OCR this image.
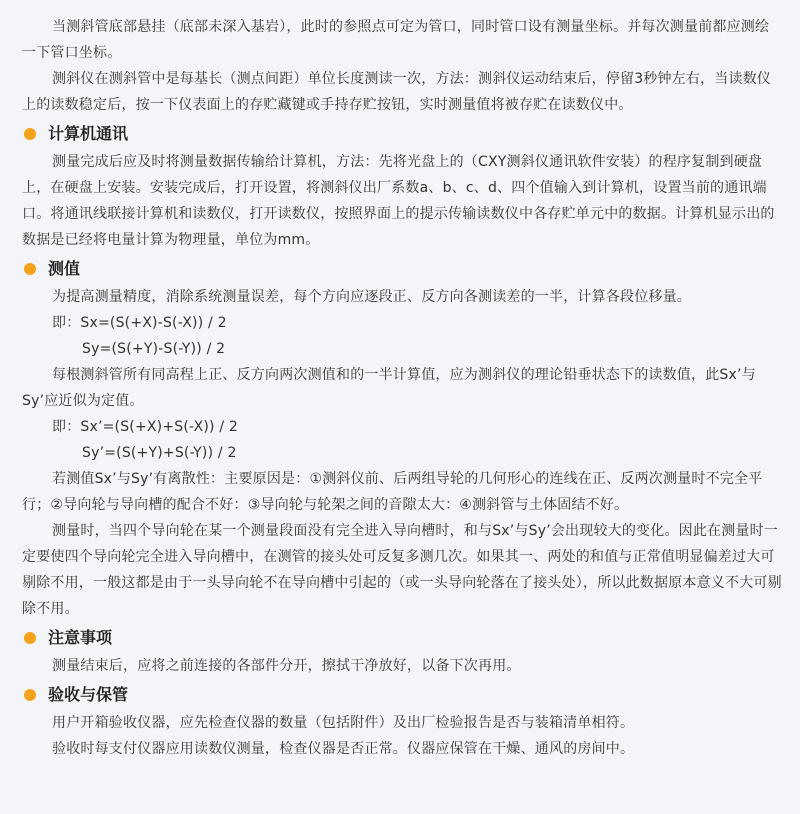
当测斜管底部悬挂（底部未深入基岩），此时的参照点可定为管口，同时管口设有测量坐标。并每次测量前都应测绘一下管口坐标。

测斜仪在测斜管中是每基长（测点间距）单位长度测读一次，方法：测斜仪运动结束后，停留3秒钟左右，当读数仪上的读数稳定后，按一下仪表面上的存贮藏键或手持存贮按钮，实时测量值将被存贮在读数仪中。

计算机通讯

测量完成后应及时将测量数据传输给计算机，方法：先将光盘上的（CXY测斜仪通讯软件安装）的程序复制到硬盘上，在硬盘上安装。安装完成后，打开设置，将测斜仪出厂系数a、b、c、d、四个值输入到计算机，设置当前的通讯端口。将通讯线联接计算机和读数仪，打开读数仪，按照界面上的提示传输读数仪中各存贮单元中的数据。计算机显示出的数据是已经将电量计算为物理量，单位为mm。

测值

为提高测量精度，消除系统测量误差，每个方向应逐段正、反方向各测读差的一半，计算各段位移量。

即：Sx=(S(+X)-S(-X)) / 2

Sy=(S(+Y)-S(-Y)) / 2

每根测斜管所有同高程上正、反方向两次测值和的一半计算值，应为测斜仪的理论铅垂状态下的读数值，此Sx’与Sy’应近似为定值。

即：Sx’=(S(+X)+S(-X)) / 2

Sy’=(S(+Y)+S(-Y)) / 2

若测值Sx’与Sy’有离散性：主要原因是：①测斜仪前、后两组导轮的几何形心的连线在正、反两次测量时不完全平行；②导向轮与导向槽的配合不好：③导向轮与轮架之间的音隙太大：④测斜管与土体固结不好。

测量时，当四个导向轮在某一个测量段面没有完全进入导向槽时，和与Sx’与Sy’会出现较大的变化。因此在测量时一定要使四个导向轮完全进入导向槽中，在测管的接头处可反复多测几次。如果其一、两处的和值与正常值明显偏差过大可剔除不用，一般这都是由于一头导向轮不在导向槽中引起的（或一头导向轮落在了接头处），所以此数据原本意义不大可剔除不用。

注意事项

测量结束后，应将之前连接的各部件分开，擦拭干净放好，以备下次再用。

验收与保管

用户开箱验收仪器，应先检查仪器的数量（包括附件）及出厂检验报告是否与装箱清单相符。

验收时每支付仪器应用读数仪测量，检查仪器是否正常。仪器应保管在干燥、通风的房间中。
